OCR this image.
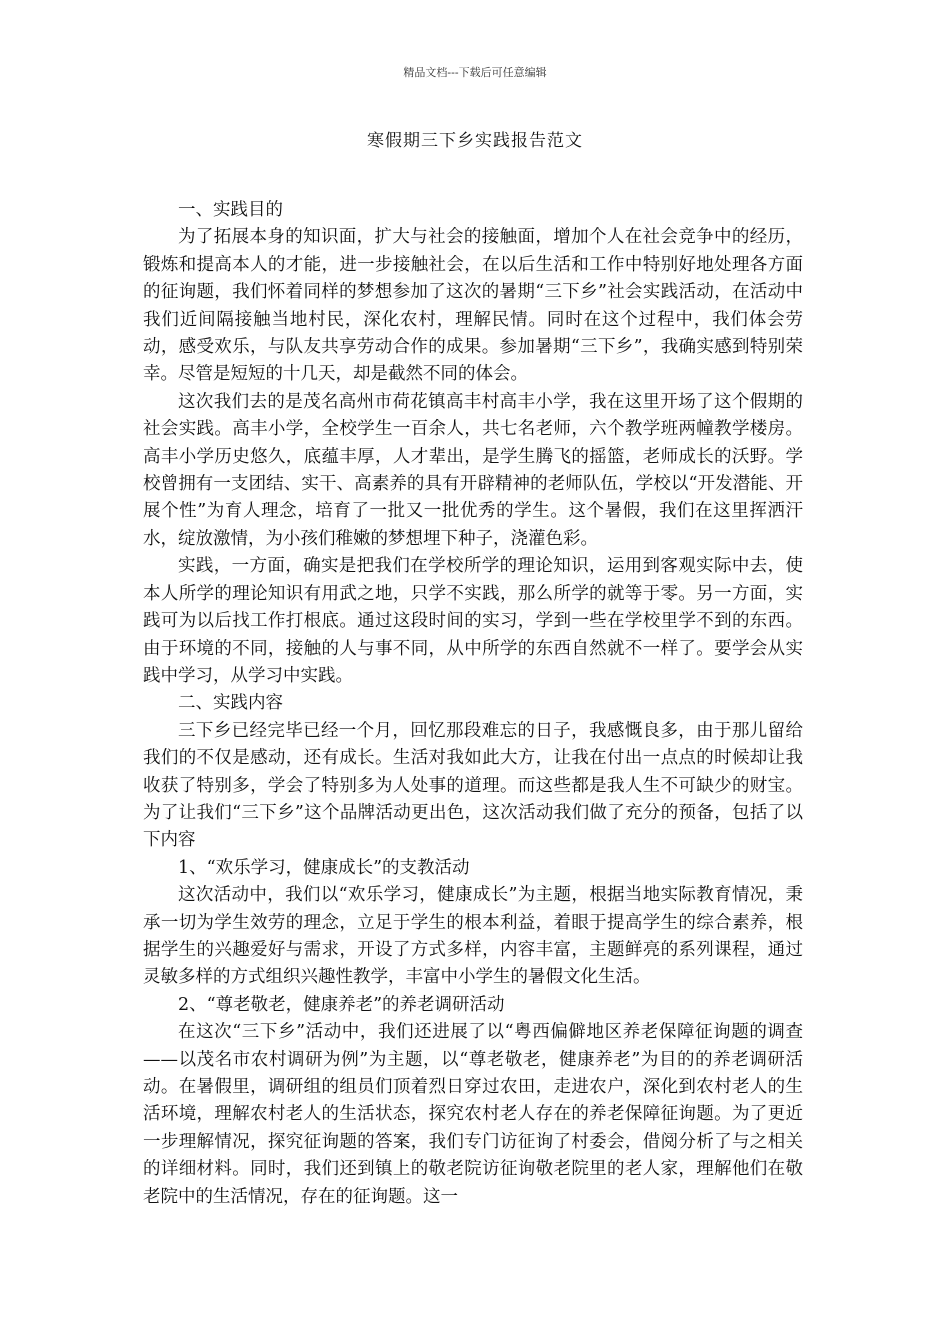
精品文档---下载后可任意编辑
寒假期三下乡实践报告范文

一、实践目的

为了拓展本身的知识面，扩大与社会的接触面，增加个人在社会竞争中的经历，锻炼和提高本人的才能，进一步接触社会，在以后生活和工作中特别好地处理各方面的征询题，我们怀着同样的梦想参加了这次的暑期“三下乡”社会实践活动，在活动中我们近间隔接触当地村民，深化农村，理解民情。同时在这个过程中，我们体会劳动，感受欢乐，与队友共享劳动合作的成果。参加暑期“三下乡”，我确实感到特别荣幸。尽管是短短的十几天，却是截然不同的体会。

这次我们去的是茂名高州市荷花镇高丰村高丰小学，我在这里开场了这个假期的社会实践。高丰小学，全校学生一百余人，共七名老师，六个教学班两幢教学楼房。高丰小学历史悠久，底蕴丰厚，人才辈出，是学生腾飞的摇篮，老师成长的沃野。学校曾拥有一支团结、实干、高素养的具有开辟精神的老师队伍，学校以“开发潜能、开展个性”为育人理念，培育了一批又一批优秀的学生。这个暑假，我们在这里挥洒汗水，绽放激情，为小孩们稚嫩的梦想埋下种子，浇灌色彩。

实践，一方面，确实是把我们在学校所学的理论知识，运用到客观实际中去，使本人所学的理论知识有用武之地，只学不实践，那么所学的就等于零。另一方面，实践可为以后找工作打根底。通过这段时间的实习，学到一些在学校里学不到的东西。由于环境的不同，接触的人与事不同，从中所学的东西自然就不一样了。要学会从实践中学习，从学习中实践。

二、实践内容

三下乡已经完毕已经一个月，回忆那段难忘的日子，我感慨良多，由于那儿留给我们的不仅是感动，还有成长。生活对我如此大方，让我在付出一点点的时候却让我收获了特别多，学会了特别多为人处事的道理。而这些都是我人生不可缺少的财宝。为了让我们“三下乡”这个品牌活动更出色，这次活动我们做了充分的预备，包括了以下内容

1、“欢乐学习，健康成长”的支教活动

这次活动中，我们以“欢乐学习，健康成长”为主题，根据当地实际教育情况，秉承一切为学生效劳的理念，立足于学生的根本利益，着眼于提高学生的综合素养，根据学生的兴趣爱好与需求，开设了方式多样，内容丰富，主题鲜亮的系列课程，通过灵敏多样的方式组织兴趣性教学，丰富中小学生的暑假文化生活。

2、“尊老敬老，健康养老”的养老调研活动

在这次“三下乡”活动中，我们还进展了以“粤西偏僻地区养老保障征询题的调查——以茂名市农村调研为例”为主题，以“尊老敬老，健康养老”为目的的养老调研活动。在暑假里，调研组的组员们顶着烈日穿过农田，走进农户，深化到农村老人的生活环境，理解农村老人的生活状态，探究农村老人存在的养老保障征询题。为了更近一步理解情况，探究征询题的答案，我们专门访征询了村委会，借阅分析了与之相关的详细材料。同时，我们还到镇上的敬老院访征询敬老院里的老人家，理解他们在敬老院中的生活情况，存在的征询题。这一
